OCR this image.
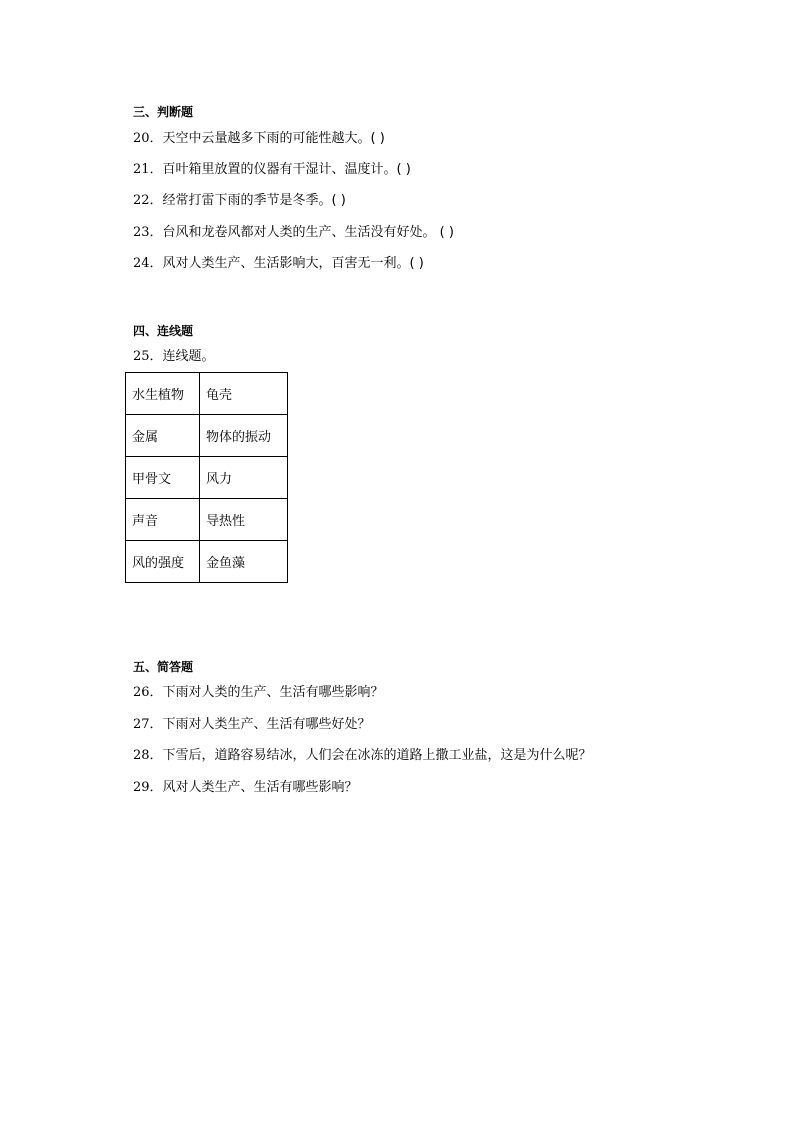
三、判断题
20．天空中云量越多下雨的可能性越大。( )
21．百叶箱里放置的仪器有干湿计、温度计。( )
22．经常打雷下雨的季节是冬季。( )
23．台风和龙卷风都对人类的生产、生活没有好处。 ( )
24．风对人类生产、生活影响大，百害无一利。( )
四、连线题
25．连线题。
水生植物	龟壳
金属	物体的振动
甲骨文	风力
声音	导热性
风的强度	金鱼藻
五、简答题
26．下雨对人类的生产、生活有哪些影响？
27．下雨对人类生产、生活有哪些好处？
28．下雪后，道路容易结冰，人们会在冰冻的道路上撒工业盐，这是为什么呢？
29．风对人类生产、生活有哪些影响？
